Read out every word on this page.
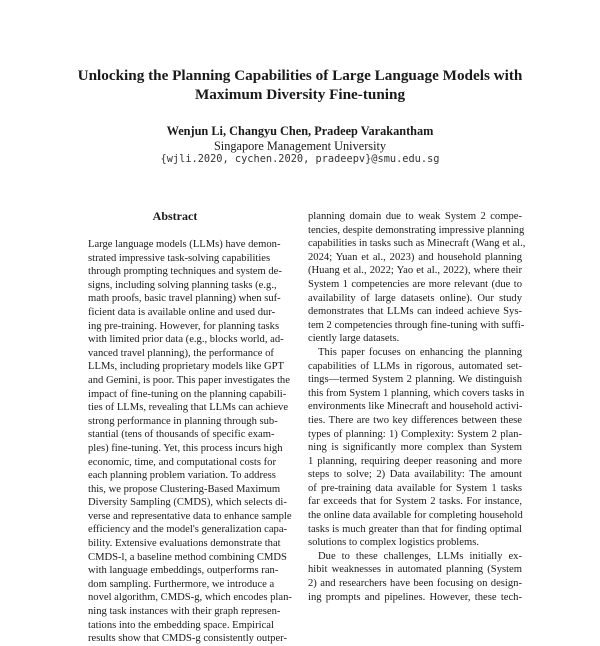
Unlocking the Planning Capabilities of Large Language Models with
Maximum Diversity Fine-tuning
Wenjun Li, Changyu Chen, Pradeep Varakantham
Singapore Management University
{wjli.2020, cychen.2020, pradeepv}@smu.edu.sg
Abstract
Large language models (LLMs) have demon-
strated impressive task-solving capabilities
through prompting techniques and system de-
signs, including solving planning tasks (e.g.,
math proofs, basic travel planning) when suf-
ficient data is available online and used dur-
ing pre-training. However, for planning tasks
with limited prior data (e.g., blocks world, ad-
vanced travel planning), the performance of
LLMs, including proprietary models like GPT
and Gemini, is poor. This paper investigates the
impact of fine-tuning on the planning capabili-
ties of LLMs, revealing that LLMs can achieve
strong performance in planning through sub-
stantial (tens of thousands of specific exam-
ples) fine-tuning. Yet, this process incurs high
economic, time, and computational costs for
each planning problem variation. To address
this, we propose Clustering-Based Maximum
Diversity Sampling (CMDS), which selects di-
verse and representative data to enhance sample
efficiency and the model's generalization capa-
bility. Extensive evaluations demonstrate that
CMDS-l, a baseline method combining CMDS
with language embeddings, outperforms ran-
dom sampling. Furthermore, we introduce a
novel algorithm, CMDS-g, which encodes plan-
ning task instances with their graph represen-
tations into the embedding space. Empirical
results show that CMDS-g consistently outper-
planning domain due to weak System 2 compe-
tencies, despite demonstrating impressive planning
capabilities in tasks such as Minecraft (Wang et al.,
2024; Yuan et al., 2023) and household planning
(Huang et al., 2022; Yao et al., 2022), where their
System 1 competencies are more relevant (due to
availability of large datasets online). Our study
demonstrates that LLMs can indeed achieve Sys-
tem 2 competencies through fine-tuning with suffi-
ciently large datasets.
This paper focuses on enhancing the planning
capabilities of LLMs in rigorous, automated set-
tings—termed System 2 planning. We distinguish
this from System 1 planning, which covers tasks in
environments like Minecraft and household activi-
ties. There are two key differences between these
types of planning: 1) Complexity: System 2 plan-
ning is significantly more complex than System
1 planning, requiring deeper reasoning and more
steps to solve; 2) Data availability: The amount
of pre-training data available for System 1 tasks
far exceeds that for System 2 tasks. For instance,
the online data available for completing household
tasks is much greater than that for finding optimal
solutions to complex logistics problems.
Due to these challenges, LLMs initially ex-
hibit weaknesses in automated planning (System
2) and researchers have been focusing on design-
ing prompts and pipelines. However, these tech-
